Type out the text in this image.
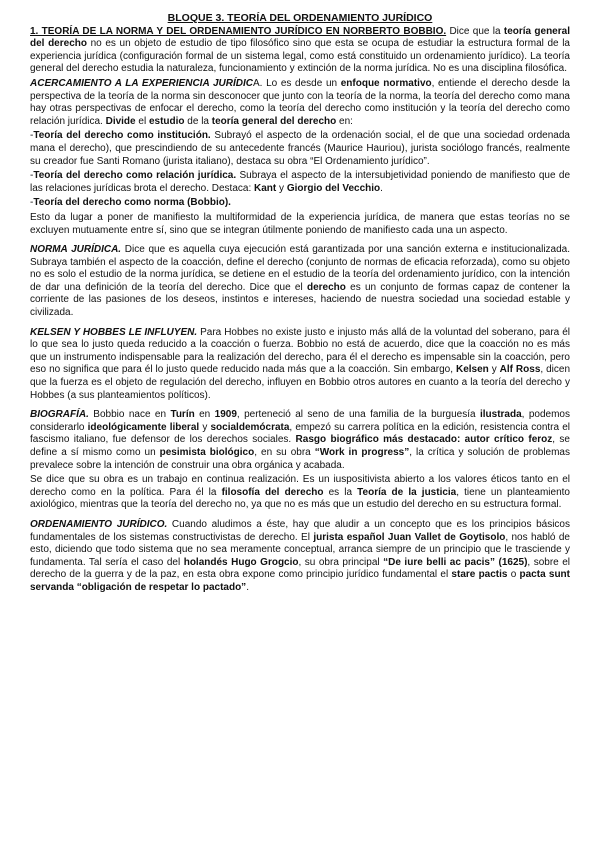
BLOQUE 3. TEORÍA DEL ORDENAMIENTO JURÍDICO

1. TEORÍA DE LA NORMA Y DEL ORDENAMIENTO JURÍDICO EN NORBERTO BOBBIO. Dice que la teoría general del derecho no es un objeto de estudio de tipo filosófico sino que esta se ocupa de estudiar la estructura formal de la experiencia jurídica (configuración formal de un sistema legal, como está constituido un ordenamiento jurídico). La teoría general del derecho estudia la naturaleza, funcionamiento y extinción de la norma jurídica. No es una disciplina filosófica.

ACERCAMIENTO A LA EXPERIENCIA JURÍDICA. Lo es desde un enfoque normativo, entiende el derecho desde la perspectiva de la teoría de la norma sin desconocer que junto con la teoría de la norma, la teoría del derecho como mana hay otras perspectivas de enfocar el derecho, como la teoría del derecho como institución y la teoría del derecho como relación jurídica. Divide el estudio de la teoría general del derecho en:

-Teoría del derecho como institución. Subrayó el aspecto de la ordenación social, el de que una sociedad ordenada mana el derecho), que prescindiendo de su antecedente francés (Maurice Hauriou), jurista sociólogo francés, realmente su creador fue Santi Romano (jurista italiano), destaca su obra “El Ordenamiento jurídico”.

-Teoría del derecho como relación jurídica. Subraya el aspecto de la intersubjetividad poniendo de manifiesto que de las relaciones jurídicas brota el derecho. Destaca: Kant y Giorgio del Vecchio.

-Teoría del derecho como norma (Bobbio).

Esto da lugar a poner de manifiesto la multiformidad de la experiencia jurídica, de manera que estas teorías no se excluyen mutuamente entre sí, sino que se integran útilmente poniendo de manifiesto cada una un aspecto.

NORMA JURÍDICA. Dice que es aquella cuya ejecución está garantizada por una sanción externa e institucionalizada. Subraya también el aspecto de la coacción, define el derecho (conjunto de normas de eficacia reforzada), como su objeto no es solo el estudio de la norma jurídica, se detiene en el estudio de la teoría del ordenamiento jurídico, con la intención de dar una definición de la teoría del derecho. Dice que el derecho es un conjunto de formas capaz de contener la corriente de las pasiones de los deseos, instintos e intereses, haciendo de nuestra sociedad una sociedad estable y civilizada.

KELSEN Y HOBBES LE INFLUYEN. Para Hobbes no existe justo e injusto más allá de la voluntad del soberano, para él lo que sea lo justo queda reducido a la coacción o fuerza. Bobbio no está de acuerdo, dice que la coacción no es más que un instrumento indispensable para la realización del derecho, para él el derecho es impensable sin la coacción, pero eso no significa que para él lo justo quede reducido nada más que a la coacción. Sin embargo, Kelsen y Alf Ross, dicen que la fuerza es el objeto de regulación del derecho, influyen en Bobbio otros autores en cuanto a la teoría del derecho y Hobbes (a sus planteamientos políticos).

BIOGRAFÍA. Bobbio nace en Turín en 1909, perteneció al seno de una familia de la burguesía ilustrada, podemos considerarlo ideológicamente liberal y socialdemócrata, empezó su carrera política en la edición, resistencia contra el fascismo italiano, fue defensor de los derechos sociales. Rasgo biográfico más destacado: autor crítico feroz, se define a sí mismo como un pesimista biológico, en su obra “Work in progress”, la crítica y solución de problemas prevalece sobre la intención de construir una obra orgánica y acabada.

Se dice que su obra es un trabajo en continua realización. Es un iuspositivista abierto a los valores éticos tanto en el derecho como en la política. Para él la filosofía del derecho es la Teoría de la justicia, tiene un planteamiento axiológico, mientras que la teoría del derecho no, ya que no es más que un estudio del derecho en su estructura formal.

ORDENAMIENTO JURÍDICO. Cuando aludimos a éste, hay que aludir a un concepto que es los principios básicos fundamentales de los sistemas constructivistas de derecho. El jurista español Juan Vallet de Goytisolo, nos habló de esto, diciendo que todo sistema que no sea meramente conceptual, arranca siempre de un principio que le trasciende y fundamenta. Tal sería el caso del holandés Hugo Grogcio, su obra principal “De iure belli ac pacis” (1625), sobre el derecho de la guerra y de la paz, en esta obra expone como principio jurídico fundamental el stare pactis o pacta sunt servanda “obligación de respetar lo pactado”.
